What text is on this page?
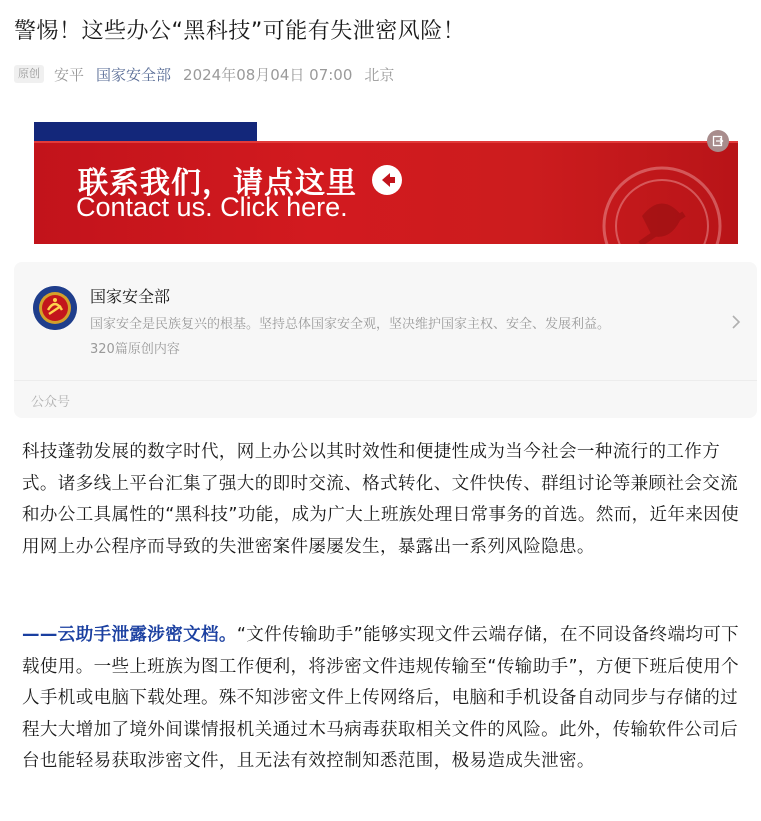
警惕！这些办公“黑科技”可能有失泄密风险！
原创 安平 国家安全部 2024年08月04日 07:00 北京
联系我们，请点这里
Contact us. Click here.
国家安全部
国家安全是民族复兴的根基。坚持总体国家安全观，坚决维护国家主权、安全、发展利益。
320篇原创内容
公众号

科技蓬勃发展的数字时代，网上办公以其时效性和便捷性成为当今社会一种流行的工作方式。诸多线上平台汇集了强大的即时交流、格式转化、文件快传、群组讨论等兼顾社会交流和办公工具属性的“黑科技”功能，成为广大上班族处理日常事务的首选。然而，近年来因使用网上办公程序而导致的失泄密案件屡屡发生，暴露出一系列风险隐患。

——云助手泄露涉密文档。“文件传输助手”能够实现文件云端存储，在不同设备终端均可下载使用。一些上班族为图工作便利，将涉密文件违规传输至“传输助手”，方便下班后使用个人手机或电脑下载处理。殊不知涉密文件上传网络后，电脑和手机设备自动同步与存储的过程大大增加了境外间谍情报机关通过木马病毒获取相关文件的风险。此外，传输软件公司后台也能轻易获取涉密文件，且无法有效控制知悉范围，极易造成失泄密。
